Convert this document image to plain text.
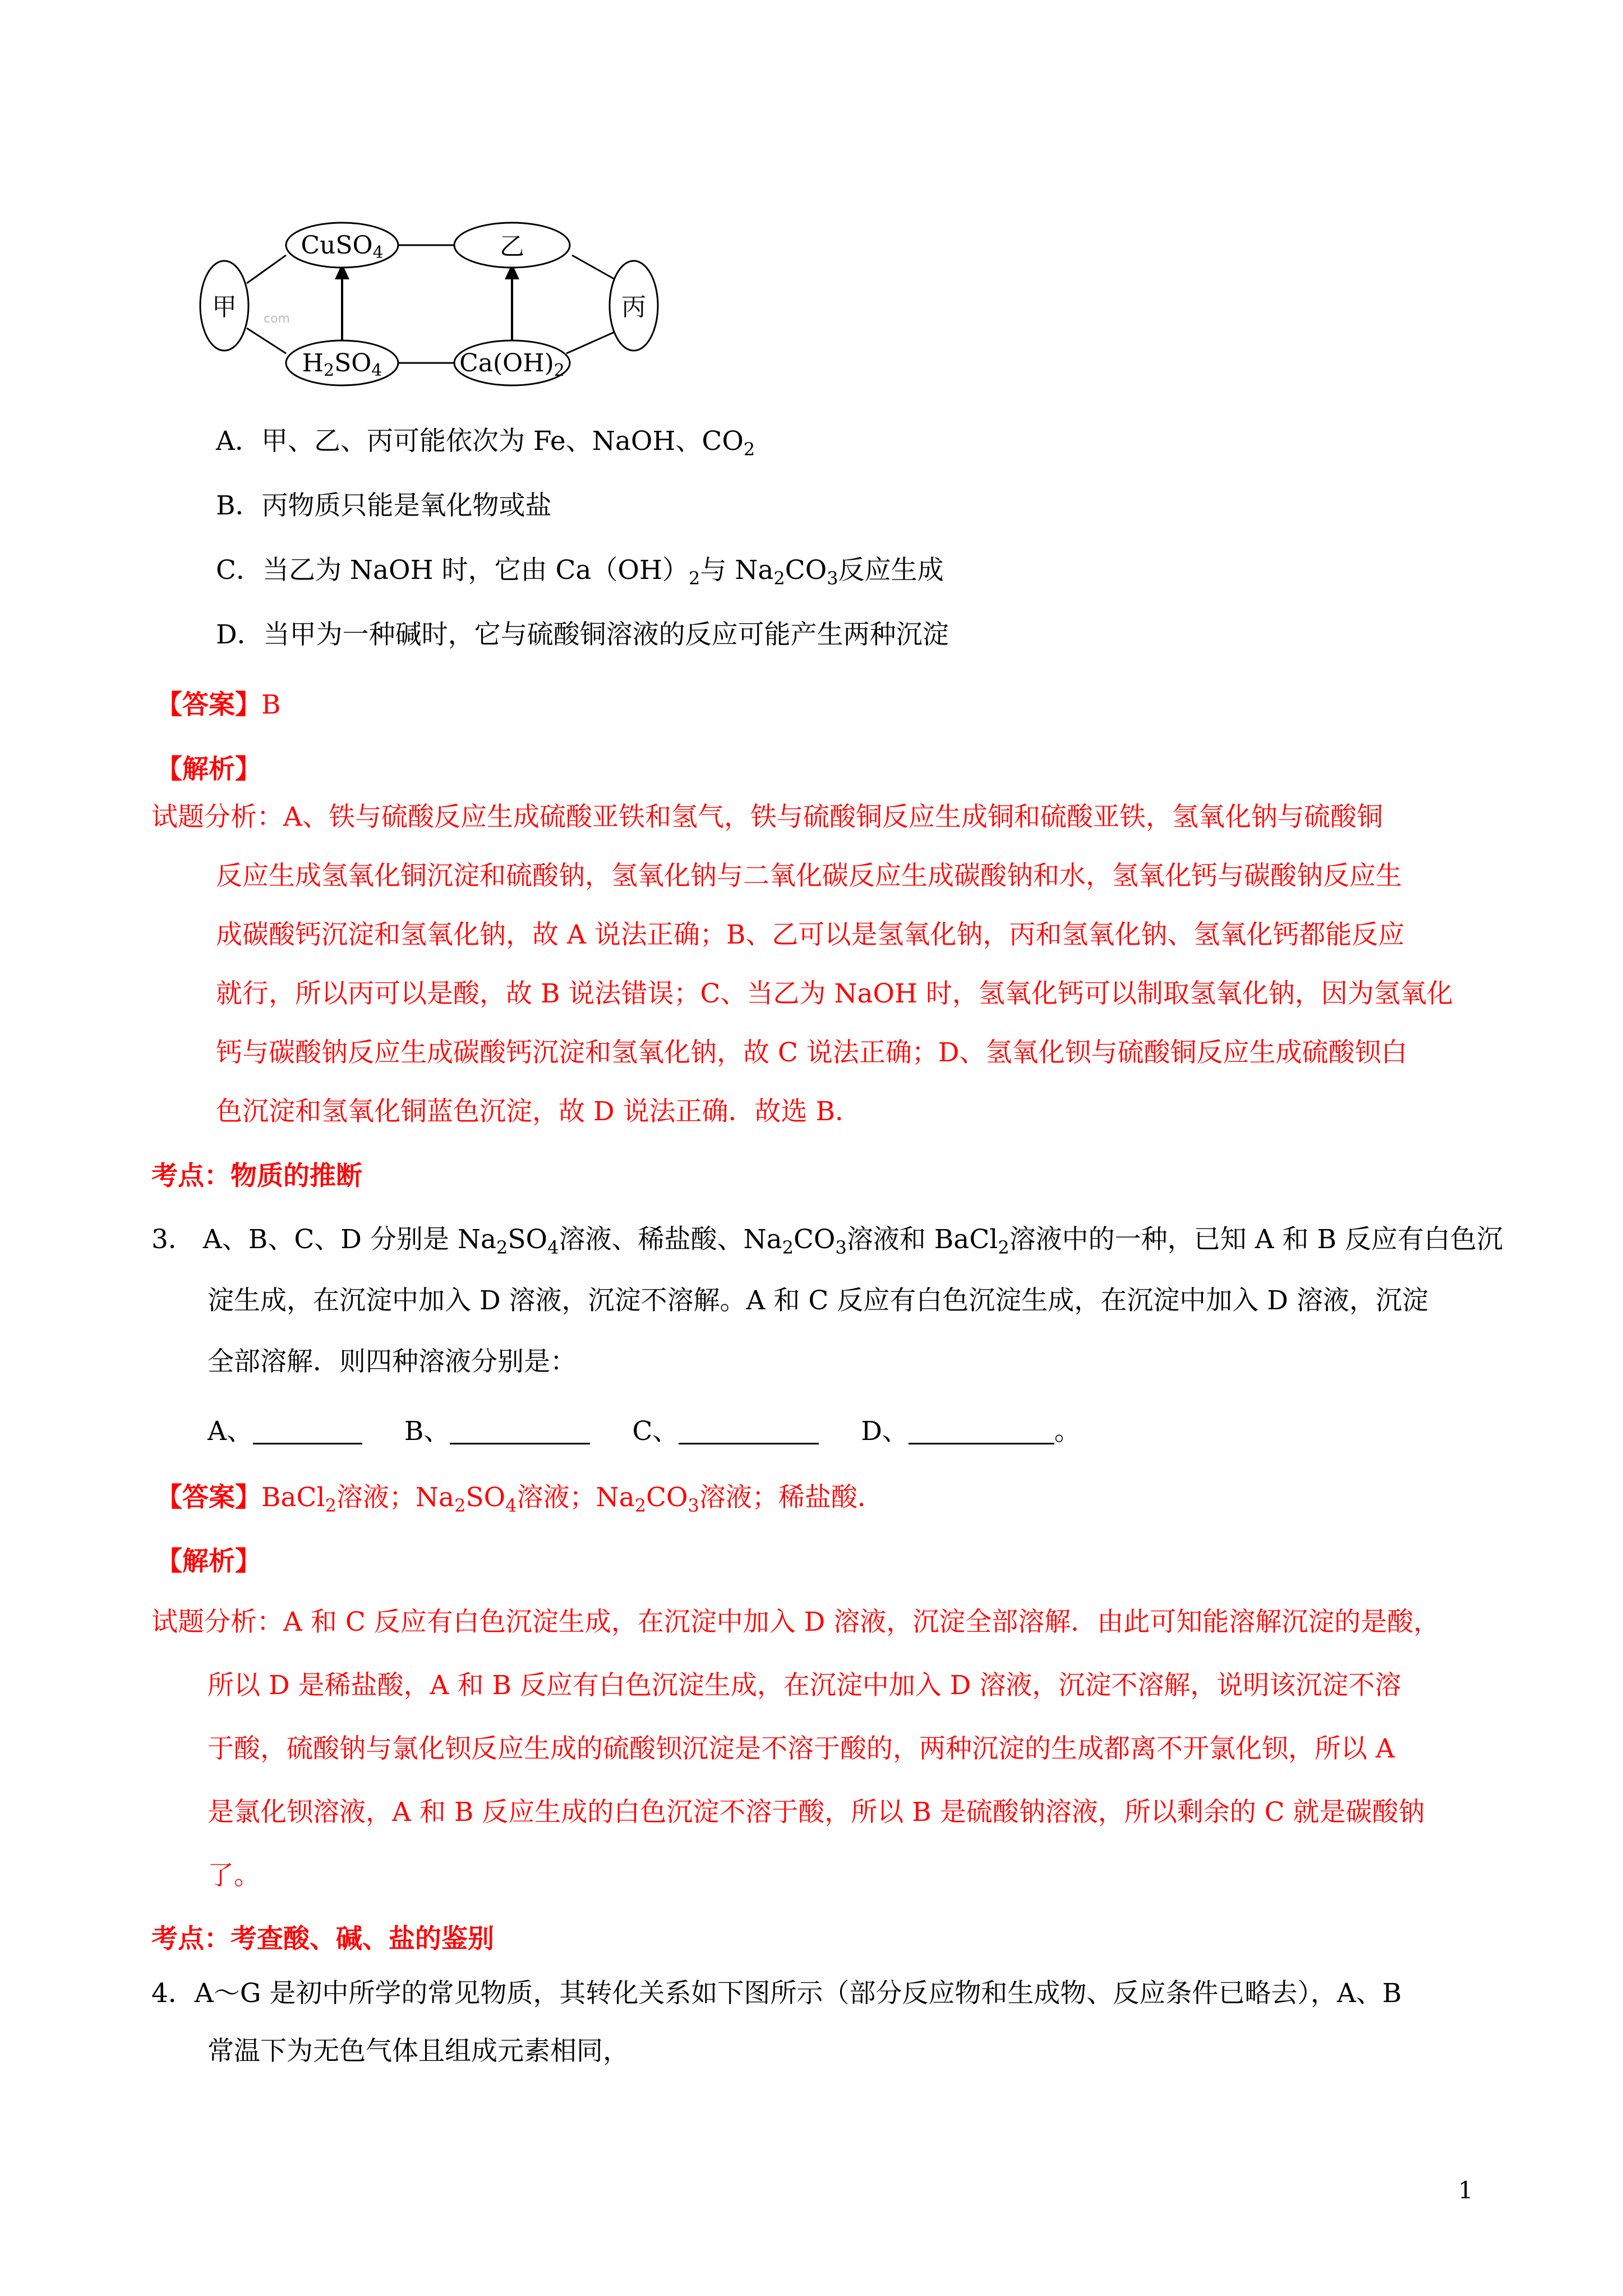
甲
CuSO4	乙
丙
H2SO4	Ca(OH)2
com
A．甲、乙、丙可能依次为 Fe、NaOH、$CO_2$
B．丙物质只能是氧化物或盐
C．当乙为 NaOH 时，它由 $Ca(OH)_2$与 $Na_2CO_3$反应生成
D．当甲为一种碱时，它与硫酸铜溶液的反应可能产生两种沉淀
【答案】B
【解析】
试题分析：A、铁与硫酸反应生成硫酸亚铁和氢气，铁与硫酸铜反应生成铜和硫酸亚铁，氢氧化钠与硫酸铜
反应生成氢氧化铜沉淀和硫酸钠，氢氧化钠与二氧化碳反应生成碳酸钠和水，氢氧化钙与碳酸钠反应生
成碳酸钙沉淀和氢氧化钠，故 A 说法正确；B、乙可以是氢氧化钠，丙和氢氧化钠、氢氧化钙都能反应
就行，所以丙可以是酸，故 B 说法错误；C、当乙为 NaOH 时，氢氧化钙可以制取氢氧化钠，因为氢氧化
钙与碳酸钠反应生成碳酸钙沉淀和氢氧化钠，故 C 说法正确；D、氢氧化钡与硫酸铜反应生成硫酸钡白
色沉淀和氢氧化铜蓝色沉淀，故 D 说法正确．故选 B．
考点：物质的推断
3． A、B、C、D 分别是 $Na_2SO_4$溶液、稀盐酸、$Na_2CO_3$溶液和 BaCl$_2$溶液中的一种，已知 A 和 B 反应有白色沉
淀生成，在沉淀中加入 D 溶液，沉淀不溶解。A 和 C 反应有白色沉淀生成，在沉淀中加入 D 溶液，沉淀
全部溶解．则四种溶液分别是：
A、	B、	C、	D、	。
【答案】BaCl$_2$溶液；$Na_2SO_4$溶液；$Na_2CO_3$溶液；稀盐酸．
【解析】
试题分析：A 和 C 反应有白色沉淀生成，在沉淀中加入 D 溶液，沉淀全部溶解．由此可知能溶解沉淀的是酸，
所以 D 是稀盐酸，A 和 B 反应有白色沉淀生成，在沉淀中加入 D 溶液，沉淀不溶解，说明该沉淀不溶
于酸，硫酸钠与氯化钡反应生成的硫酸钡沉淀是不溶于酸的，两种沉淀的生成都离不开氯化钡，所以 A
是氯化钡溶液，A 和 B 反应生成的白色沉淀不溶于酸，所以 B 是硫酸钠溶液，所以剩余的 C 就是碳酸钠
了。
考点：考查酸、碱、盐的鉴别
4．A～G 是初中所学的常见物质，其转化关系如下图所示（部分反应物和生成物、反应条件已略去），A、B
常温下为无色气体且组成元素相同，
1
